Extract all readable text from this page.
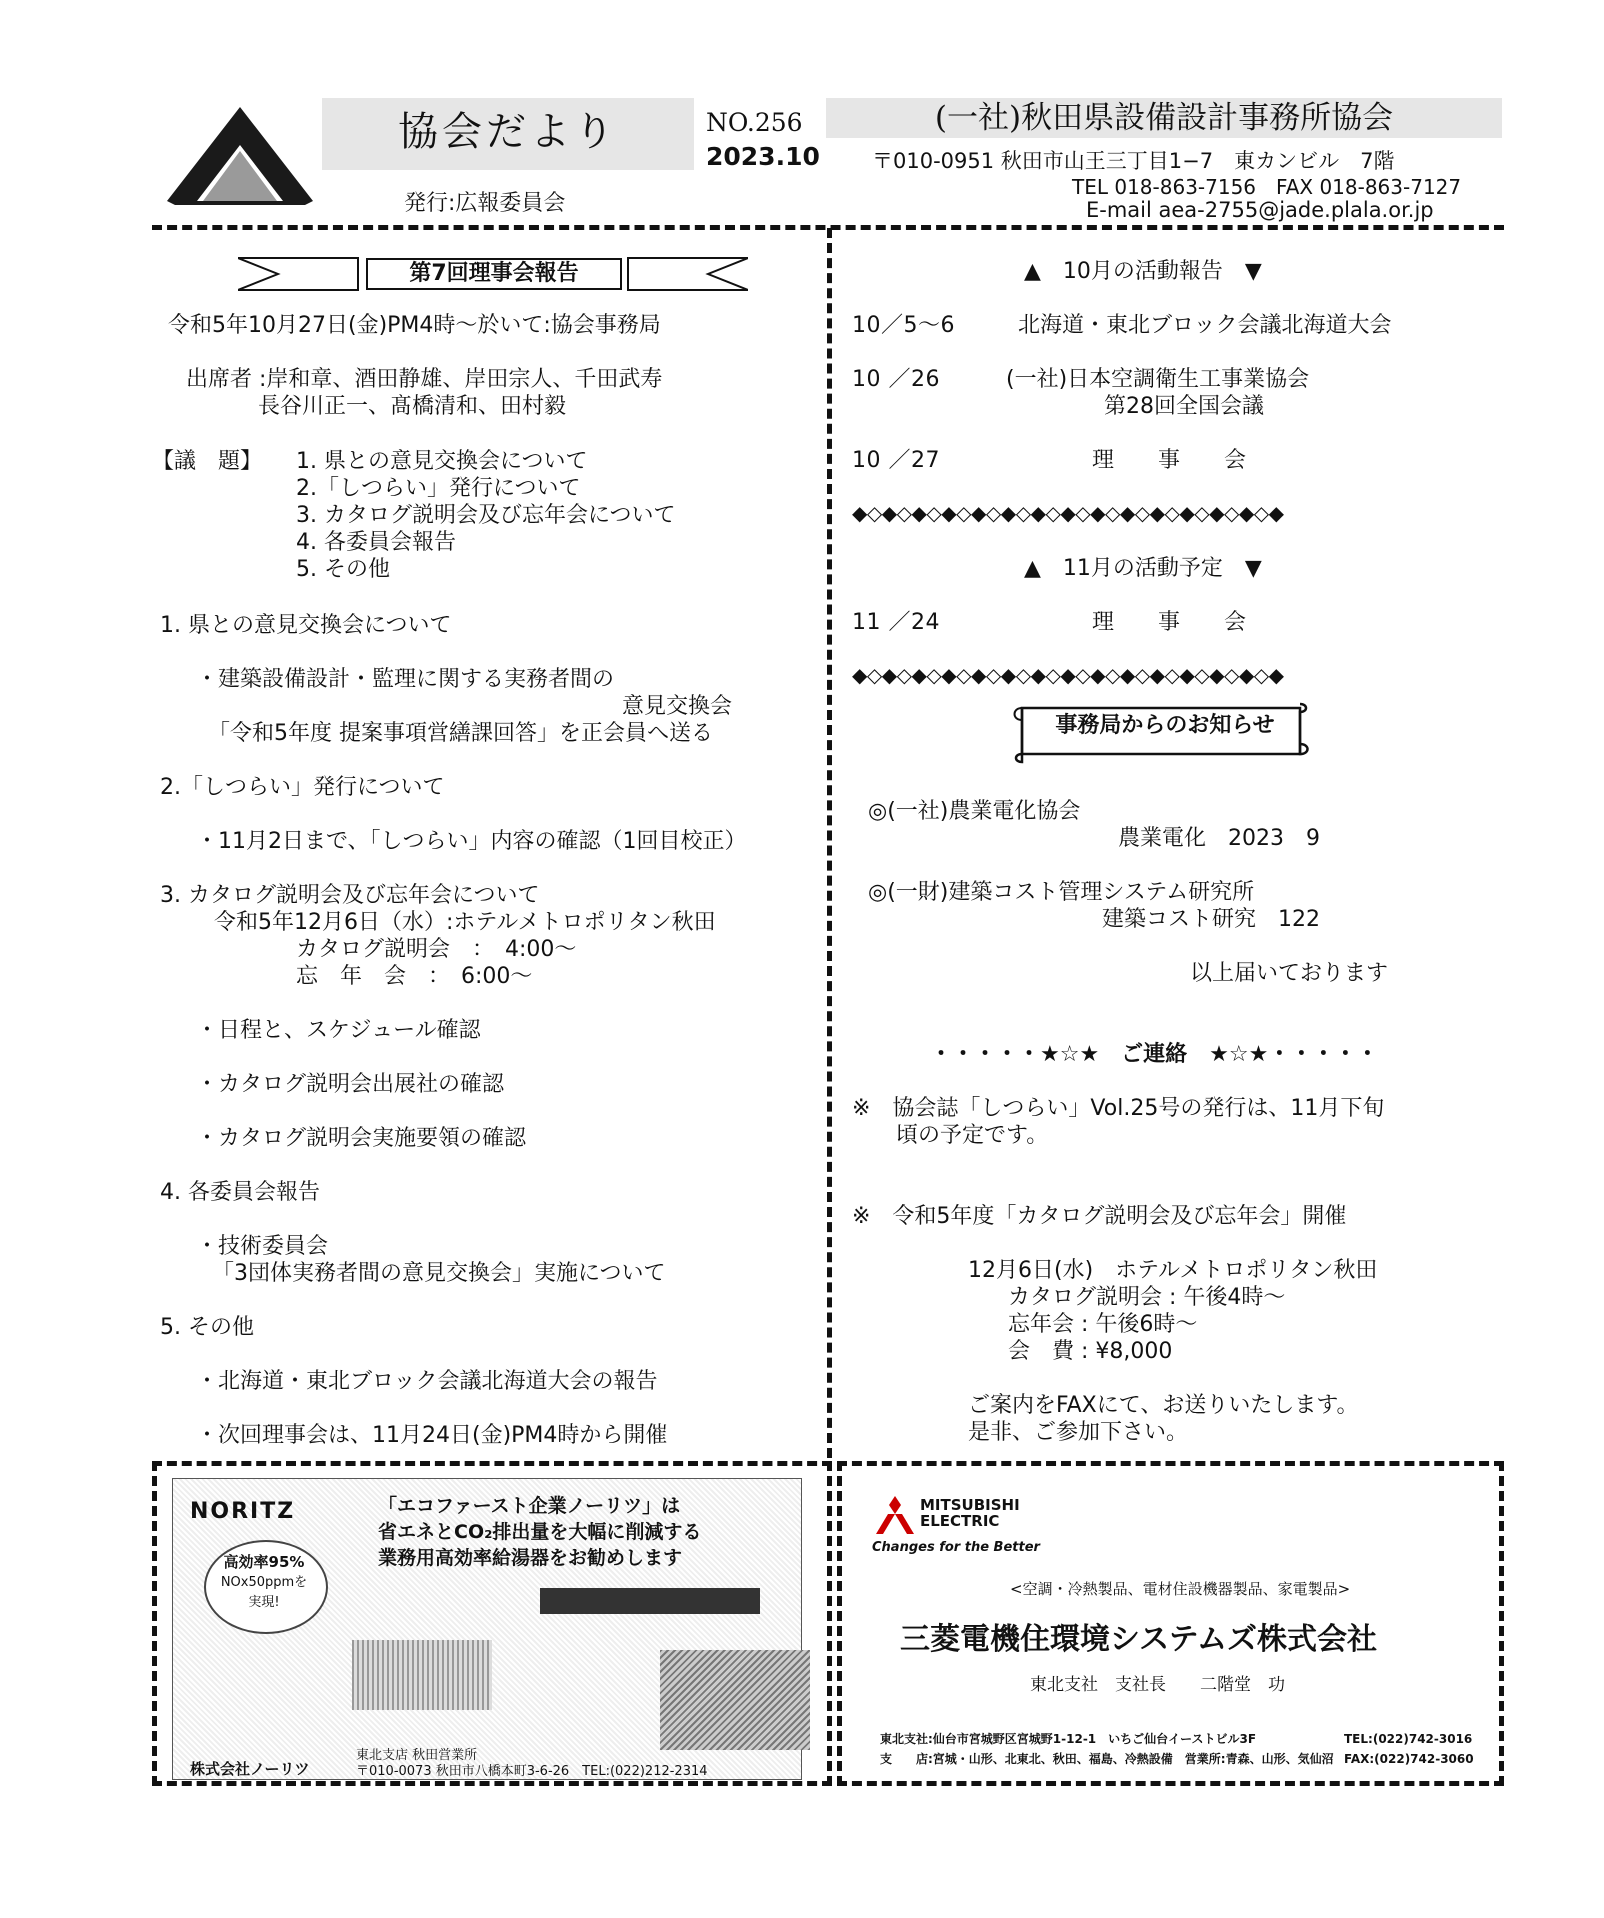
協会だより	NO.256
2023.10
発行:広報委員会
(一社)秋田県設備設計事務所協会
〒010-0951 秋田市山王三丁目1−7　東カンビル　7階
TEL 018-863-7156　FAX 018-863-7127
E-mail aea-2755@jade.plala.or.jp
第7回理事会報告
令和5年10月27日(金)PM4時〜於いて:協会事務局
出席者 :岸和章、酒田静雄、岸田宗人、千田武寿
長谷川正一、髙橋清和、田村毅
【議　題】 1. 県との意見交換会について
2.「しつらい」発行について
3. カタログ説明会及び忘年会について
4. 各委員会報告
5. その他
1. 県との意見交換会について
・建築設備設計・監理に関する実務者間の
意見交換会
「令和5年度 提案事項営繕課回答」を正会員へ送る
2.「しつらい」発行について
・11月2日まで、「しつらい」内容の確認（1回目校正）
3. カタログ説明会及び忘年会について
令和5年12月6日（水）:ホテルメトロポリタン秋田
カタログ説明会　：　4:00〜
忘　年　会　：　6:00〜
・日程と、スケジュール確認
・カタログ説明会出展社の確認
・カタログ説明会実施要領の確認
4. 各委員会報告
・技術委員会
「3団体実務者間の意見交換会」実施について
5. その他
・北海道・東北ブロック会議北海道大会の報告
・次回理事会は、11月24日(金)PM4時から開催
▲　10月の活動報告　▼
10／5〜6	北海道・東北ブロック会議北海道大会
10 ／26	(一社)日本空調衛生工事業協会
第28回全国会議
10 ／27	理　　事　　会
◆◇◆◇◆◇◆◇◆◇◆◇◆◇◆◇◆◇◆◇◆◇◆◇◆◇◆◇◆
▲　11月の活動予定　▼
11 ／24	理　　事　　会
◆◇◆◇◆◇◆◇◆◇◆◇◆◇◆◇◆◇◆◇◆◇◆◇◆◇◆◇◆
事務局からのお知らせ
◎(一社)農業電化協会
農業電化　2023　9
◎(一財)建築コスト管理システム研究所
建築コスト研究　122
以上届いております
・・・・・★☆★　ご連絡　★☆★・・・・・
※　協会誌「しつらい」Vol.25号の発行は、11月下旬
頃の予定です。
※　令和5年度「カタログ説明会及び忘年会」開催
12月6日(水)　ホテルメトロポリタン秋田
カタログ説明会 : 午後4時〜
忘年会 : 午後6時〜
会　費 : ¥8,000
ご案内をFAXにて、お送りいたします。
是非、ご参加下さい。
NORITZ	「エコファースト企業ノーリツ」は
省エネとCO₂排出量を大幅に削減する
業務用高効率給湯器をお勧めします
高効率95%
NOx50ppmを
実現!
株式会社ノーリツ
東北支店 秋田営業所
〒010-0073 秋田市八橋本町3-6-26　TEL:(022)212-2314
MITSUBISHI
ELECTRIC
Changes for the Better
<空調・冷熱製品、電材住設機器製品、家電製品>
三菱電機住環境システムズ株式会社
東北支社　支社長　　二階堂　功
東北支社:仙台市宮城野区宮城野1-12-1　いちご仙台イーストビル3F	TEL:(022)742-3016
支　　店:宮城・山形、北東北、秋田、福島、冷熱設備　営業所:青森、山形、気仙沼 FAX:(022)742-3060
